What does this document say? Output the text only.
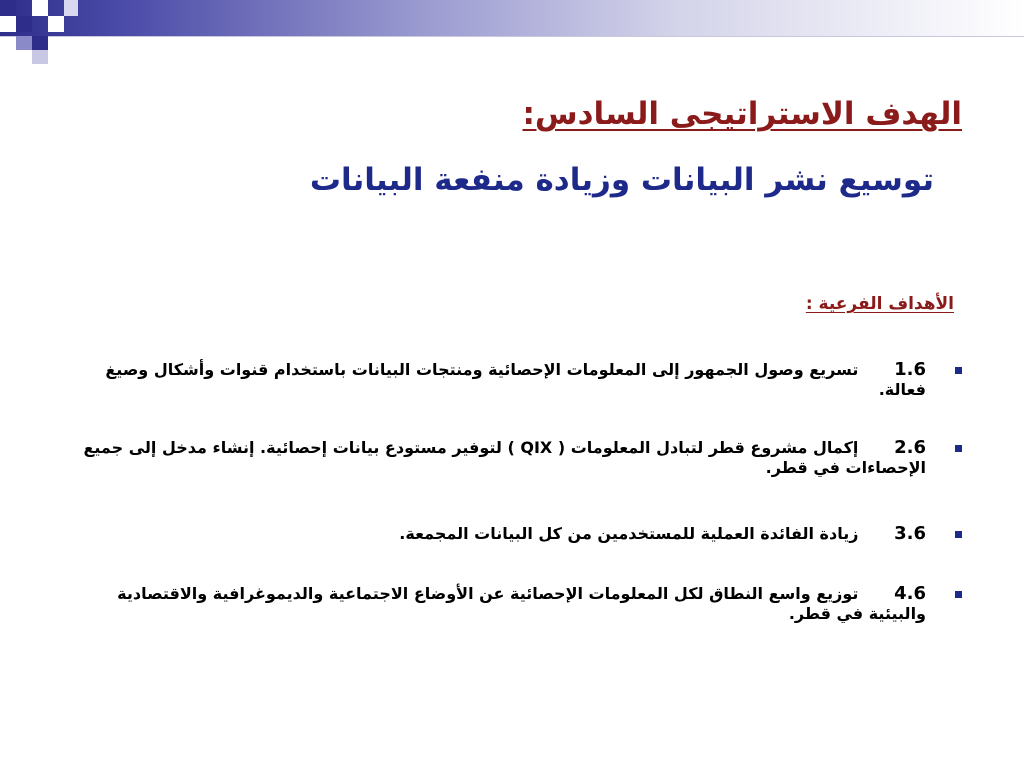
الهدف الاستراتيجى السادس:
توسيع نشر البيانات وزيادة منفعة البيانات

الأهداف الفرعية :

1.6 تسريع وصول الجمهور إلى المعلومات الإحصائية ومنتجات البيانات باستخدام قنوات وأشكال وصيغ فعالة.
2.6 إكمال مشروع قطر لتبادل المعلومات ( QIX ) لتوفير مستودع بيانات إحصائية. إنشاء مدخل إلى جميع الإحصاءات في قطر.
3.6 زيادة الفائدة العملية للمستخدمين من كل البيانات المجمعة.
4.6 توزيع واسع النطاق لكل المعلومات الإحصائية عن الأوضاع الاجتماعية والديموغرافية والاقتصادية والبيئية في قطر.
